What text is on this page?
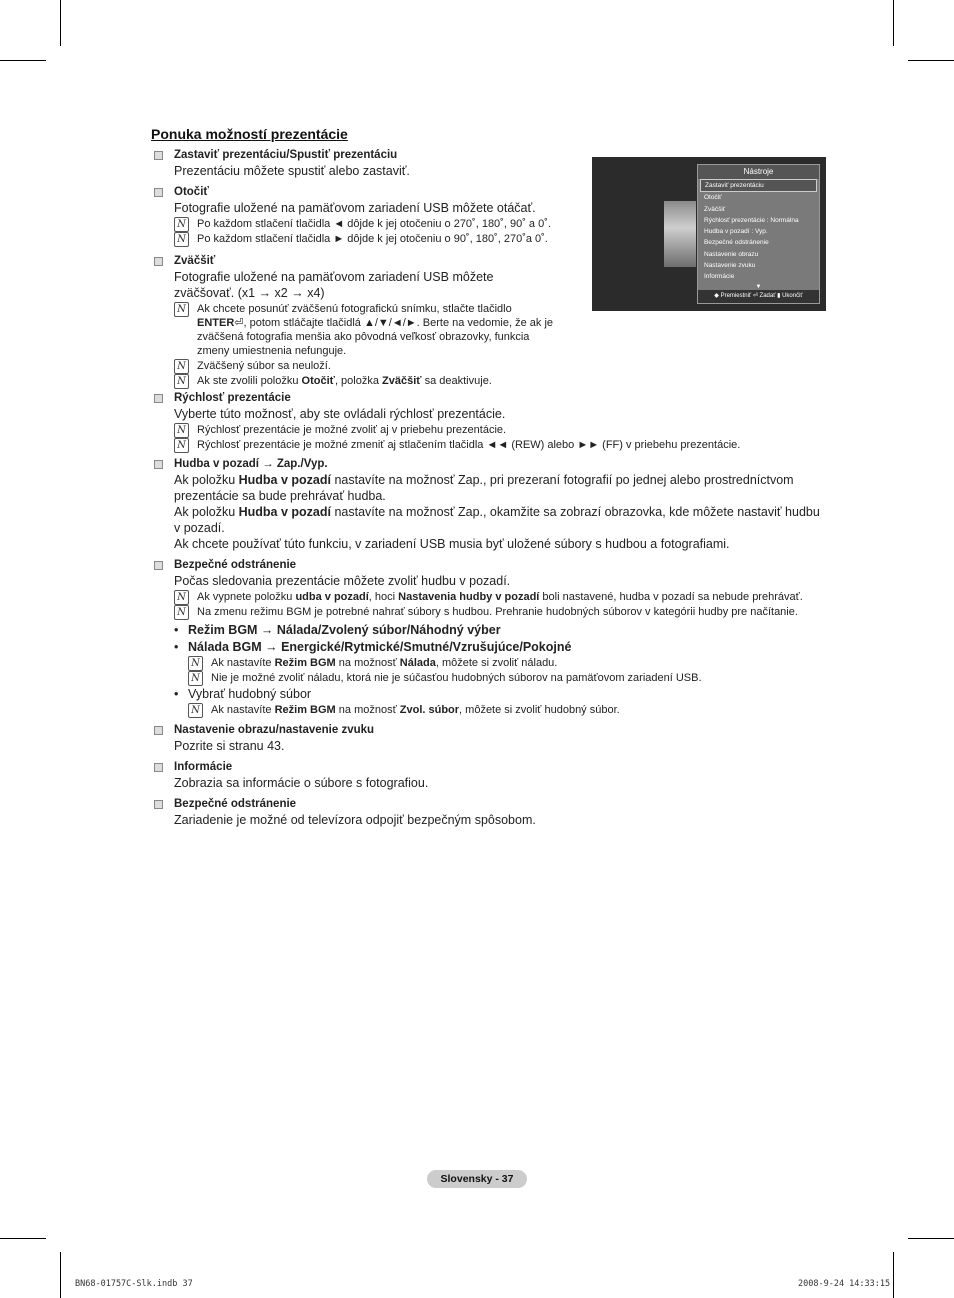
Nástroje
Zastaviť prezentáciu
Otočiť
Zväčšiť
Rýchlosť prezentácie : Normálna
Hudba v pozadí : Vyp.
Bezpečné odstránenie
Nastavenie obrazu
Nastavenie zvuku
Informácie
▼
◆ Premiestniť ⏎ Zadať ▮ Ukončiť
Ponuka možností prezentácie
Zastaviť prezentáciu/Spustiť prezentáciu
Prezentáciu môžete spustiť alebo zastaviť.
Otočiť
Fotografie uložené na pamäťovom zariadení USB môžete otáčať.
N Po každom stlačení tlačidla ◄ dôjde k jej otočeniu o 270˚, 180˚, 90˚ a 0˚.
N Po každom stlačení tlačidla ► dôjde k jej otočeniu o 90˚, 180˚, 270˚a 0˚.
Zväčšiť
Fotografie uložené na pamäťovom zariadení USB môžete zväčšovať. (x1 → x2 → x4)
N Ak chcete posunúť zväčšenú fotografickú snímku, stlačte tlačidlo
ENTER⏎, potom stláčajte tlačidlá ▲/▼/◄/►. Berte na vedomie, že ak je zväčšená fotografia menšia ako pôvodná veľkosť obrazovky, funkcia zmeny umiestnenia nefunguje.
N Zväčšený súbor sa neuloží.
N Ak ste zvolili položku Otočiť, položka Zväčšiť sa deaktivuje.
Rýchlosť prezentácie
Vyberte túto možnosť, aby ste ovládali rýchlosť prezentácie.
N Rýchlosť prezentácie je možné zvoliť aj v priebehu prezentácie.
N Rýchlosť prezentácie je možné zmeniť aj stlačením tlačidla ◄◄ (REW) alebo ►► (FF) v priebehu prezentácie.
Hudba v pozadí → Zap./Vyp.
Ak položku Hudba v pozadí nastavíte na možnosť Zap., pri prezeraní fotografií po jednej alebo prostredníctvom prezentácie sa bude prehrávať hudba.
Ak položku Hudba v pozadí nastavíte na možnosť Zap., okamžite sa zobrazí obrazovka, kde môžete nastaviť hudbu v pozadí.
Ak chcete používať túto funkciu, v zariadení USB musia byť uložené súbory s hudbou a fotografiami.
Bezpečné odstránenie
Počas sledovania prezentácie môžete zvoliť hudbu v pozadí.
N Ak vypnete položku udba v pozadí, hoci Nastavenia hudby v pozadí boli nastavené, hudba v pozadí sa nebude prehrávať.
N Na zmenu režimu BGM je potrebné nahrať súbory s hudbou. Prehranie hudobných súborov v kategórii hudby pre načítanie.
• Režim BGM → Nálada/Zvolený súbor/Náhodný výber
• Nálada BGM → Energické/Rytmické/Smutné/Vzrušujúce/Pokojné
N Ak nastavíte Režim BGM na možnosť Nálada, môžete si zvoliť náladu.
N Nie je možné zvoliť náladu, ktorá nie je súčasťou hudobných súborov na pamäťovom zariadení USB.
• Vybrať hudobný súbor
N Ak nastavíte Režim BGM na možnosť Zvol. súbor, môžete si zvoliť hudobný súbor.
Nastavenie obrazu/nastavenie zvuku
Pozrite si stranu 43.
Informácie
Zobrazia sa informácie o súbore s fotografiou.
Bezpečné odstránenie
Zariadenie je možné od televízora odpojiť bezpečným spôsobom.
Slovensky - 37
BN68-01757C-Slk.indb 37	2008-9-24 14:33:15
